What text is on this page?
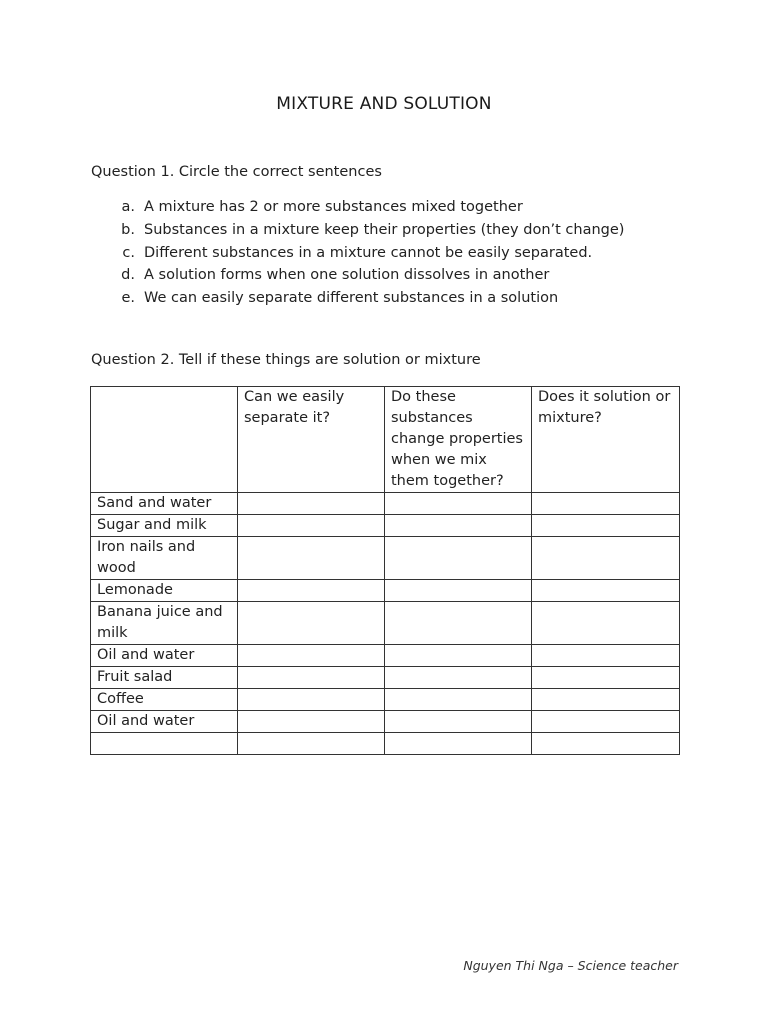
MIXTURE AND SOLUTION
Question 1. Circle the correct sentences
a. A mixture has 2 or more substances mixed together
b. Substances in a mixture keep their properties (they don’t change)
c. Different substances in a mixture cannot be easily separated.
d. A solution forms when one solution dissolves in another
e. We can easily separate different substances in a solution
Question 2. Tell if these things are solution or mixture
	Can we easily separate it?	Do these substances change properties when we mix them together?	Does it solution or mixture?
Sand and water			
Sugar and milk			
Iron nails and wood			
Lemonade			
Banana juice and milk			
Oil and water			
Fruit salad			
Coffee			
Oil and water			

Nguyen Thi Nga – Science teacher
